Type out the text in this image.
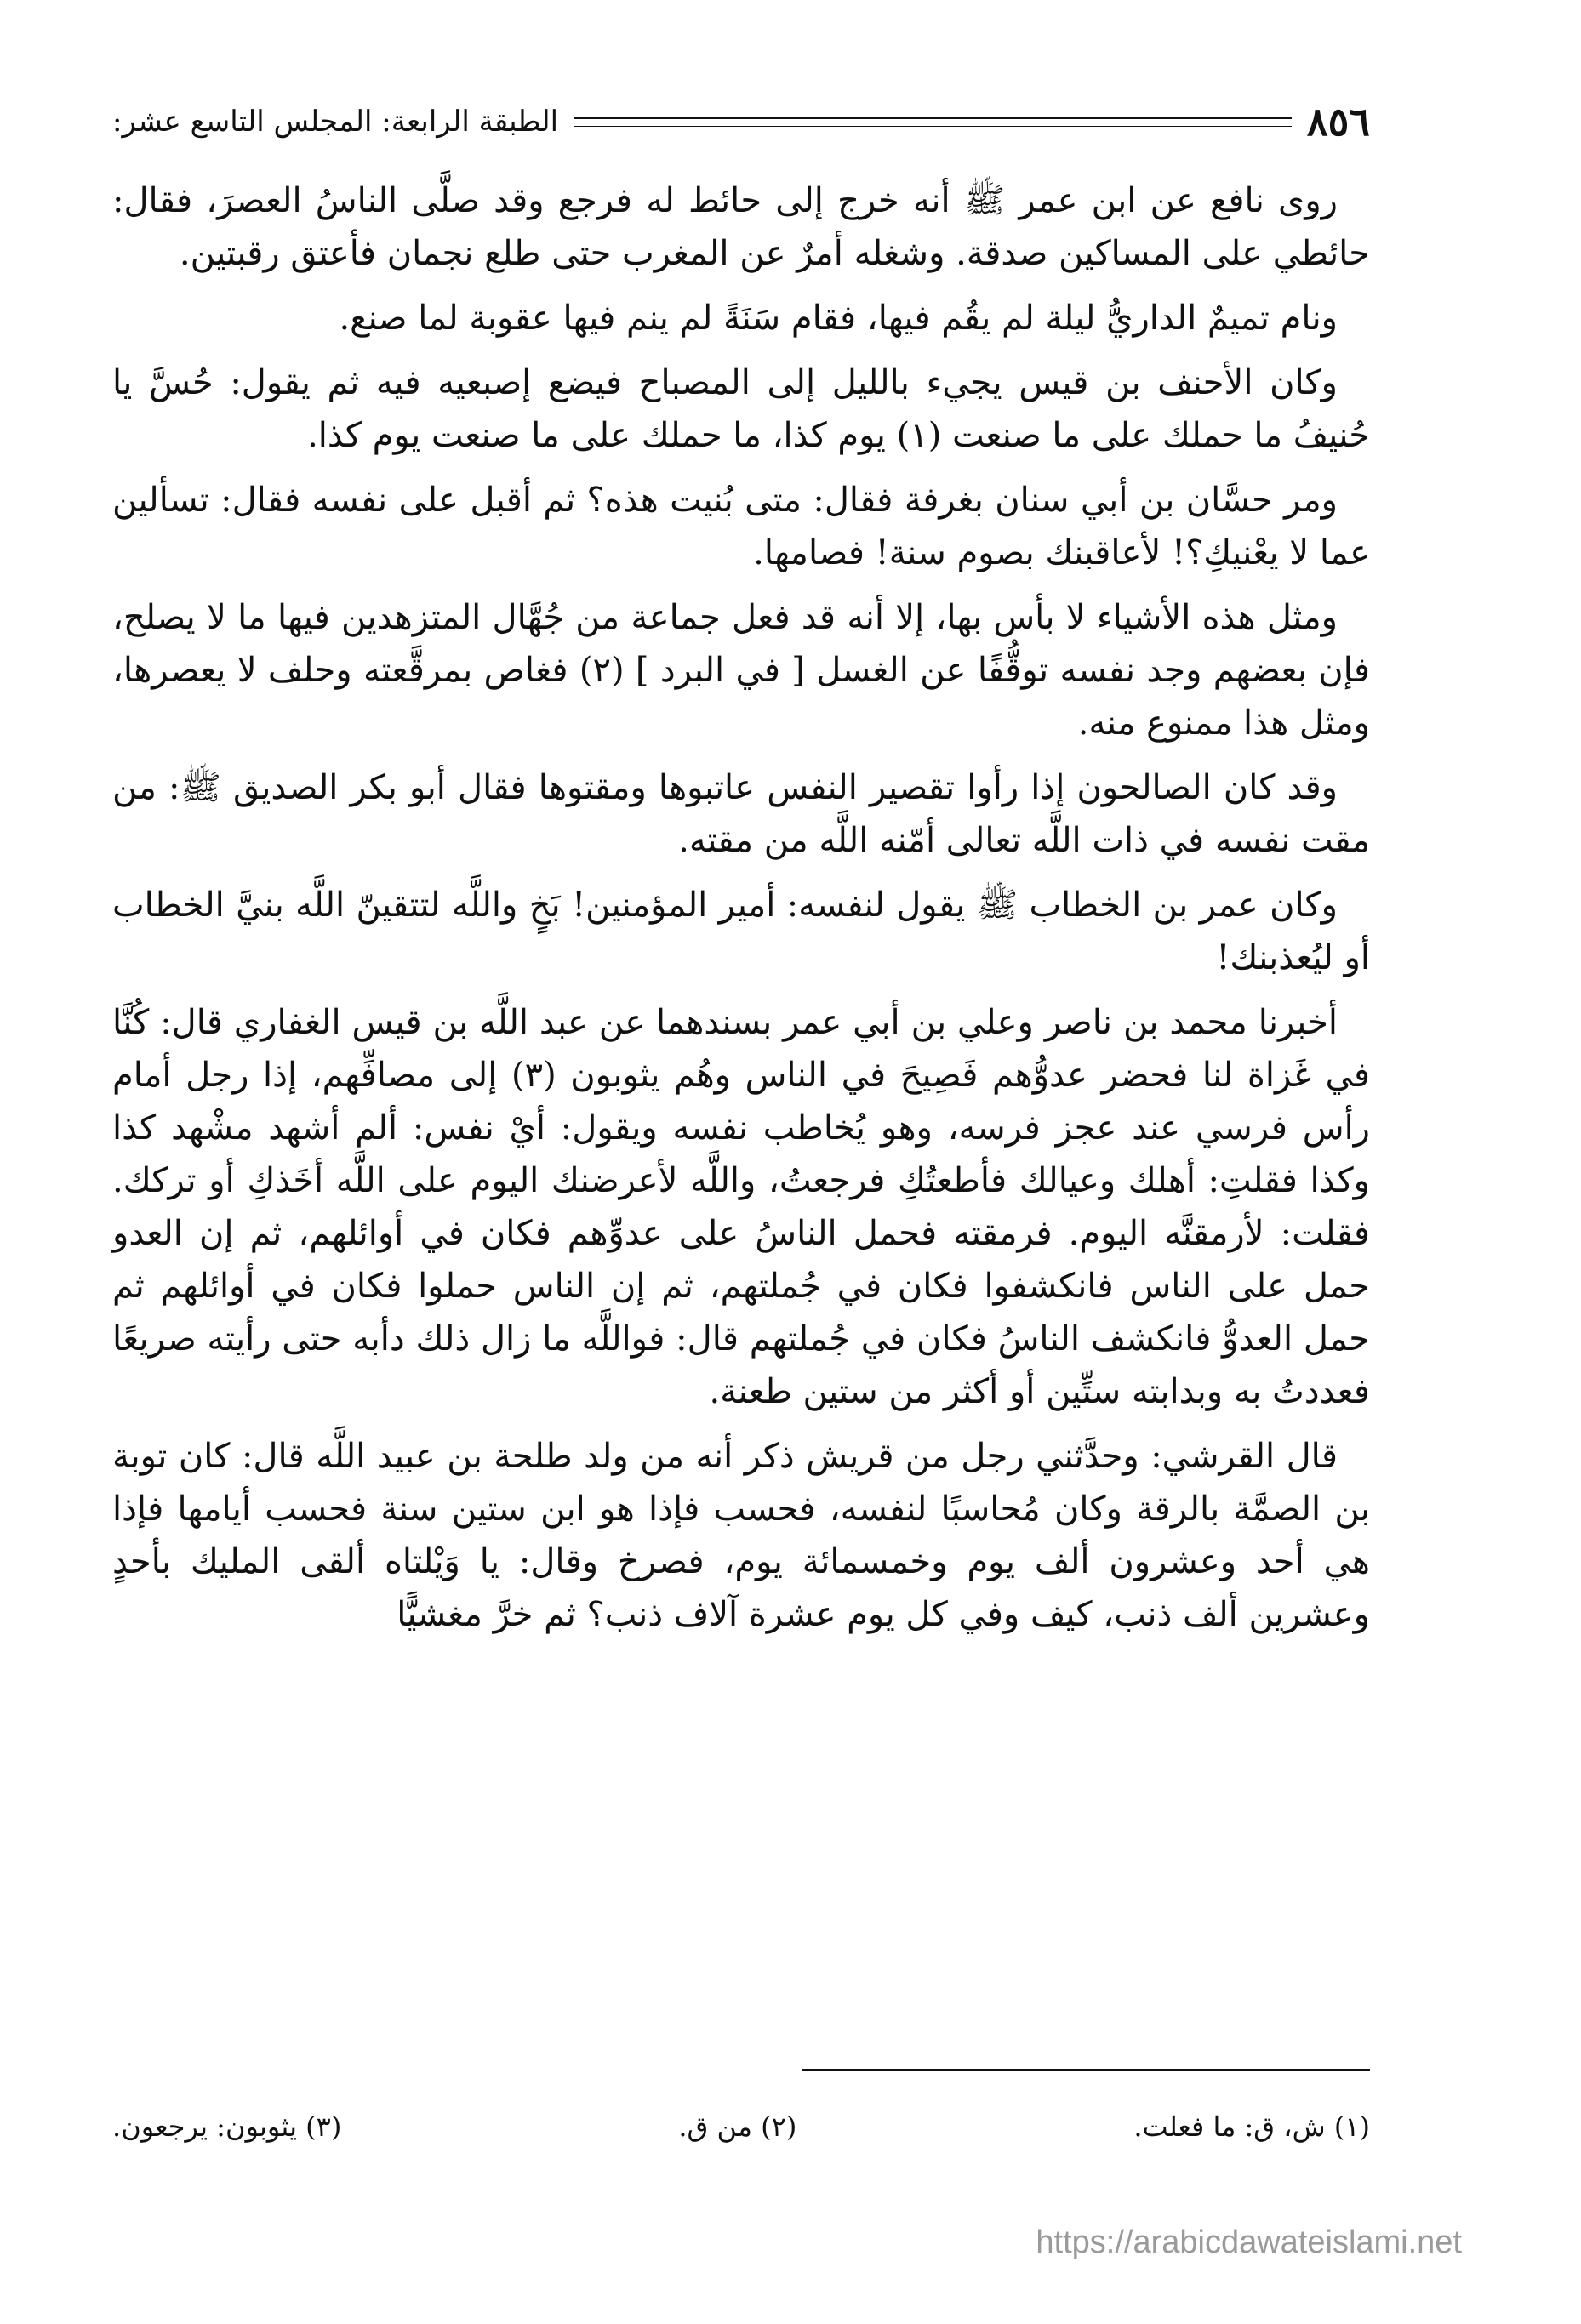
٨٥٦
الطبقة الرابعة: المجلس التاسع عشر:

روى نافع عن ابن عمر ﷺ أنه خرج إلى حائط له فرجع وقد صلَّى الناسُ العصرَ، فقال: حائطي على المساكين صدقة. وشغله أمرٌ عن المغرب حتى طلع نجمان فأعتق رقبتين.

ونام تميمٌ الداريُّ ليلة لم يقُم فيها، فقام سَنَةً لم ينم فيها عقوبة لما صنع.

وكان الأحنف بن قيس يجيء بالليل إلى المصباح فيضع إصبعيه فيه ثم يقول: حُسَّ يا حُنيفُ ما حملك على ما صنعت (١) يوم كذا، ما حملك على ما صنعت يوم كذا.

ومر حسَّان بن أبي سنان بغرفة فقال: متى بُنيت هذه؟ ثم أقبل على نفسه فقال: تسألين عما لا يعْنيكِ؟! لأعاقبنك بصوم سنة! فصامها.

ومثل هذه الأشياء لا بأس بها، إلا أنه قد فعل جماعة من جُهَّال المتزهدين فيها ما لا يصلح، فإن بعضهم وجد نفسه توقُّفًا عن الغسل [ في البرد ] (٢) فغاص بمرقَّعته وحلف لا يعصرها، ومثل هذا ممنوع منه.

وقد كان الصالحون إذا رأوا تقصير النفس عاتبوها ومقتوها فقال أبو بكر الصديق ﷺ: من مقت نفسه في ذات اللَّه تعالى أمّنه اللَّه من مقته.

وكان عمر بن الخطاب ﷺ يقول لنفسه: أمير المؤمنين! بَخٍ واللَّه لتتقينّ اللَّه بنيَّ الخطاب أو ليُعذبنك!

أخبرنا محمد بن ناصر وعلي بن أبي عمر بسندهما عن عبد اللَّه بن قيس الغفاري قال: كُنَّا في غَزاة لنا فحضر عدوُّهم فَصِيحَ في الناس وهُم يثوبون (٣) إلى مصافِّهم، إذا رجل أمام رأس فرسي عند عجز فرسه، وهو يُخاطب نفسه ويقول: أيْ نفس: ألم أشهد مشْهد كذا وكذا فقلتِ: أهلك وعيالك فأطعتُكِ فرجعتُ، واللَّه لأعرضنك اليوم على اللَّه أخَذكِ أو تركك. فقلت: لأرمقنَّه اليوم. فرمقته فحمل الناسُ على عدوِّهم فكان في أوائلهم، ثم إن العدو حمل على الناس فانكشفوا فكان في جُملتهم، ثم إن الناس حملوا فكان في أوائلهم ثم حمل العدوُّ فانكشف الناسُ فكان في جُملتهم قال: فواللَّه ما زال ذلك دأبه حتى رأيته صريعًا فعددتُ به وبدابته ستِّين أو أكثر من ستين طعنة.

قال القرشي: وحدَّثني رجل من قريش ذكر أنه من ولد طلحة بن عبيد اللَّه قال: كان توبة بن الصمَّة بالرقة وكان مُحاسبًا لنفسه، فحسب فإذا هو ابن ستين سنة فحسب أيامها فإذا هي أحد وعشرون ألف يوم وخمسمائة يوم، فصرخ وقال: يا وَيْلتاه ألقى المليك بأحدٍ وعشرين ألف ذنب، كيف وفي كل يوم عشرة آلاف ذنب؟ ثم خرَّ مغشيًّا

(١) ش، ق: ما فعلت.
(٢) من ق.
(٣) يثوبون: يرجعون.
https://arabicdawateislami.net
